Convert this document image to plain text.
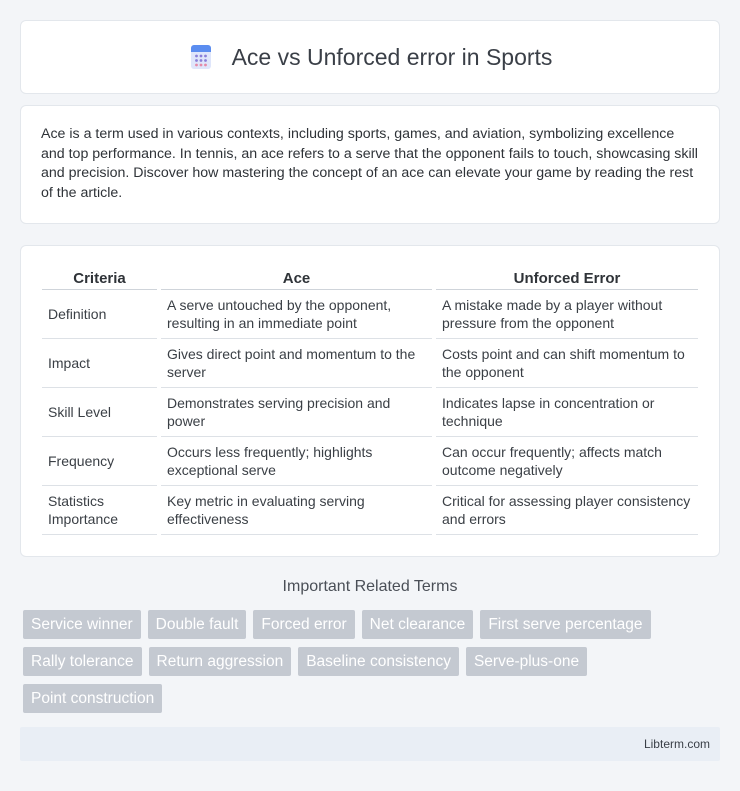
Ace vs Unforced error in Sports

Ace is a term used in various contexts, including sports, games, and aviation, symbolizing excellence and top performance. In tennis, an ace refers to a serve that the opponent fails to touch, showcasing skill and precision. Discover how mastering the concept of an ace can elevate your game by reading the rest of the article.

Criteria	Ace	Unforced Error
Definition	A serve untouched by the opponent, resulting in an immediate point	A mistake made by a player without pressure from the opponent
Impact	Gives direct point and momentum to the server	Costs point and can shift momentum to the opponent
Skill Level	Demonstrates serving precision and power	Indicates lapse in concentration or technique
Frequency	Occurs less frequently; highlights exceptional serve	Can occur frequently; affects match outcome negatively
Statistics Importance	Key metric in evaluating serving effectiveness	Critical for assessing player consistency and errors
Important Related Terms
Service winner	Double fault	Forced error	Net clearance	First serve percentage
Rally tolerance	Return aggression	Baseline consistency	Serve-plus-one
Point construction
Libterm.com
